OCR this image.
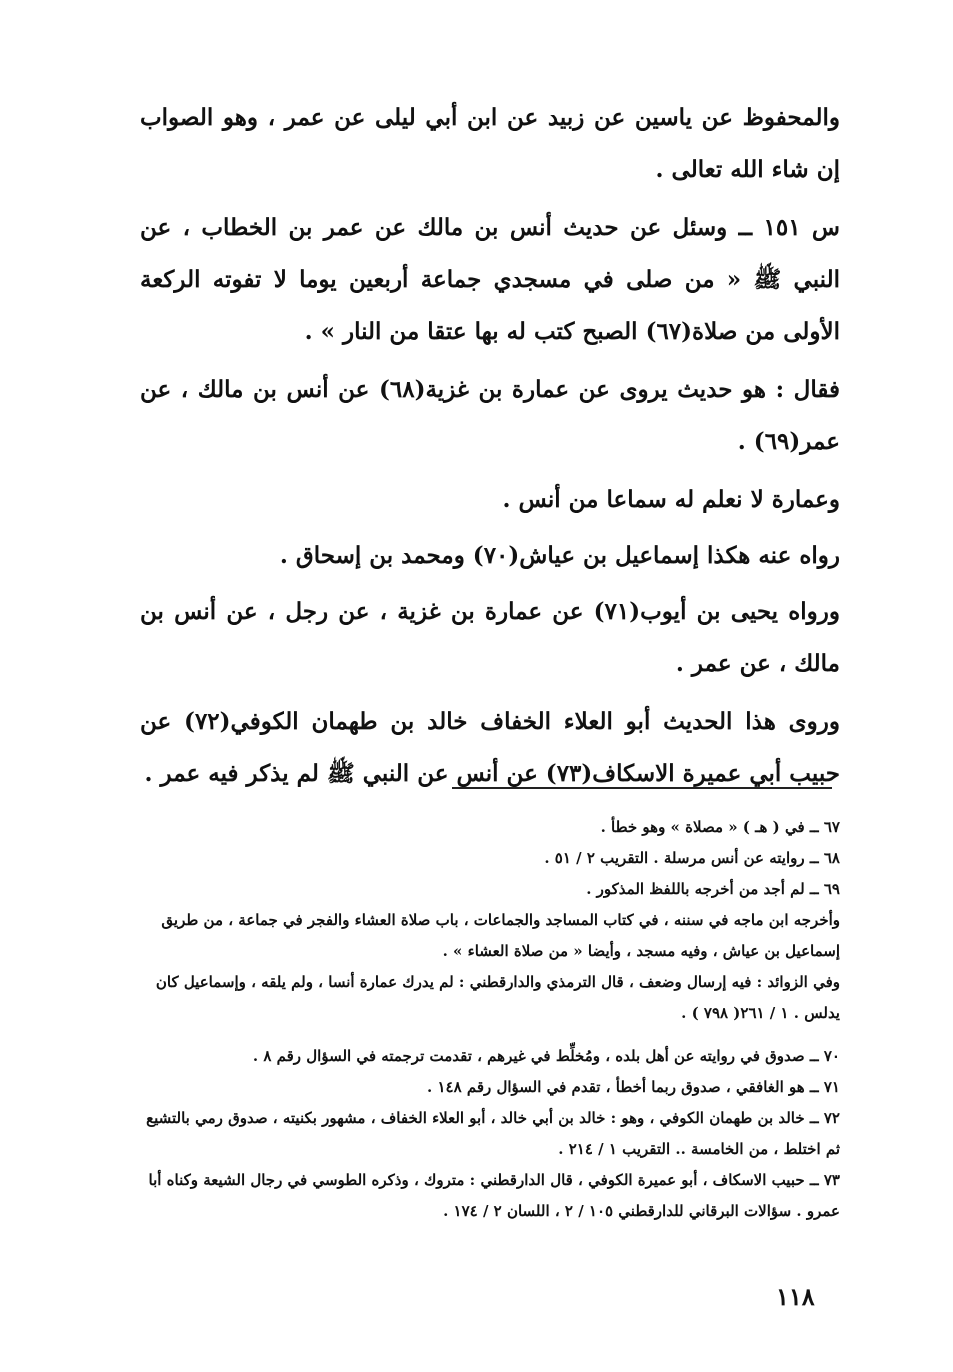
والمحفوظ عن ياسين عن زبيد عن ابن أبي ليلى عن عمر ، وهو الصواب إن شاء الله تعالى .

س ١٥١ ــ وسئل عن حديث أنس بن مالك عن عمر بن الخطاب ، عن النبي ﷺ « من صلى في مسجدي جماعة أربعين يوما لا تفوته الركعة الأولى من صلاة(٦٧) الصبح كتب له بها عتقا من النار » .

فقال : هو حديث يروى عن عمارة بن غزية(٦٨) عن أنس بن مالك ، عن عمر(٦٩) .

وعمارة لا نعلم له سماعا من أنس .

رواه عنه هكذا إسماعيل بن عياش(٧٠) ومحمد بن إسحاق .

ورواه يحيى بن أيوب(٧١) عن عمارة بن غزية ، عن رجل ، عن أنس بن مالك ، عن عمر .

وروى هذا الحديث أبو العلاء الخفاف خالد بن طهمان الكوفي(٧٢) عن حبيب أبي عميرة الاسكاف(٧٣) عن أنس عن النبي ﷺ لم يذكر فيه عمر .

٦٧ ــ في ( هـ ) « مصلاة » وهو خطأ .

٦٨ ــ روايته عن أنس مرسلة . التقريب ٢ / ٥١ .

٦٩ ــ لم أجد من أخرجه باللفظ المذكور .

وأخرجه ابن ماجه في سننه ، في كتاب المساجد والجماعات ، باب صلاة العشاء والفجر في جماعة ، من طريق إسماعيل بن عياش ، وفيه مسجد ، وأيضا « من صلاة العشاء » .

وفي الزوائد : فيه إرسال وضعف ، قال الترمذي والدارقطني : لم يدرك عمارة أنسا ، ولم يلقه ، وإسماعيل كان يدلس . ١ / ٢٦١( ٧٩٨ ) .

٧٠ ــ صدوق في روايته عن أهل بلده ، ومُخلِّط في غيرهم ، تقدمت ترجمته في السؤال رقم ٨ .

٧١ ــ هو الغافقي ، صدوق ربما أخطأ ، تقدم في السؤال رقم ١٤٨ .

٧٢ ــ خالد بن طهمان الكوفي ، وهو : خالد بن أبي خالد ، أبو العلاء الخفاف ، مشهور بكنيته ، صدوق رمي بالتشيع ثم اختلط ، من الخامسة .. التقريب ١ / ٢١٤ .

٧٣ ــ حبيب الاسكاف ، أبو عميرة الكوفي ، قال الدارقطني : متروك ، وذكره الطوسي في رجال الشيعة وكناه أبا عمرو . سؤالات البرقاني للدارقطني ١٠٥ / ٢ ، اللسان ٢ / ١٧٤ .

١١٨
